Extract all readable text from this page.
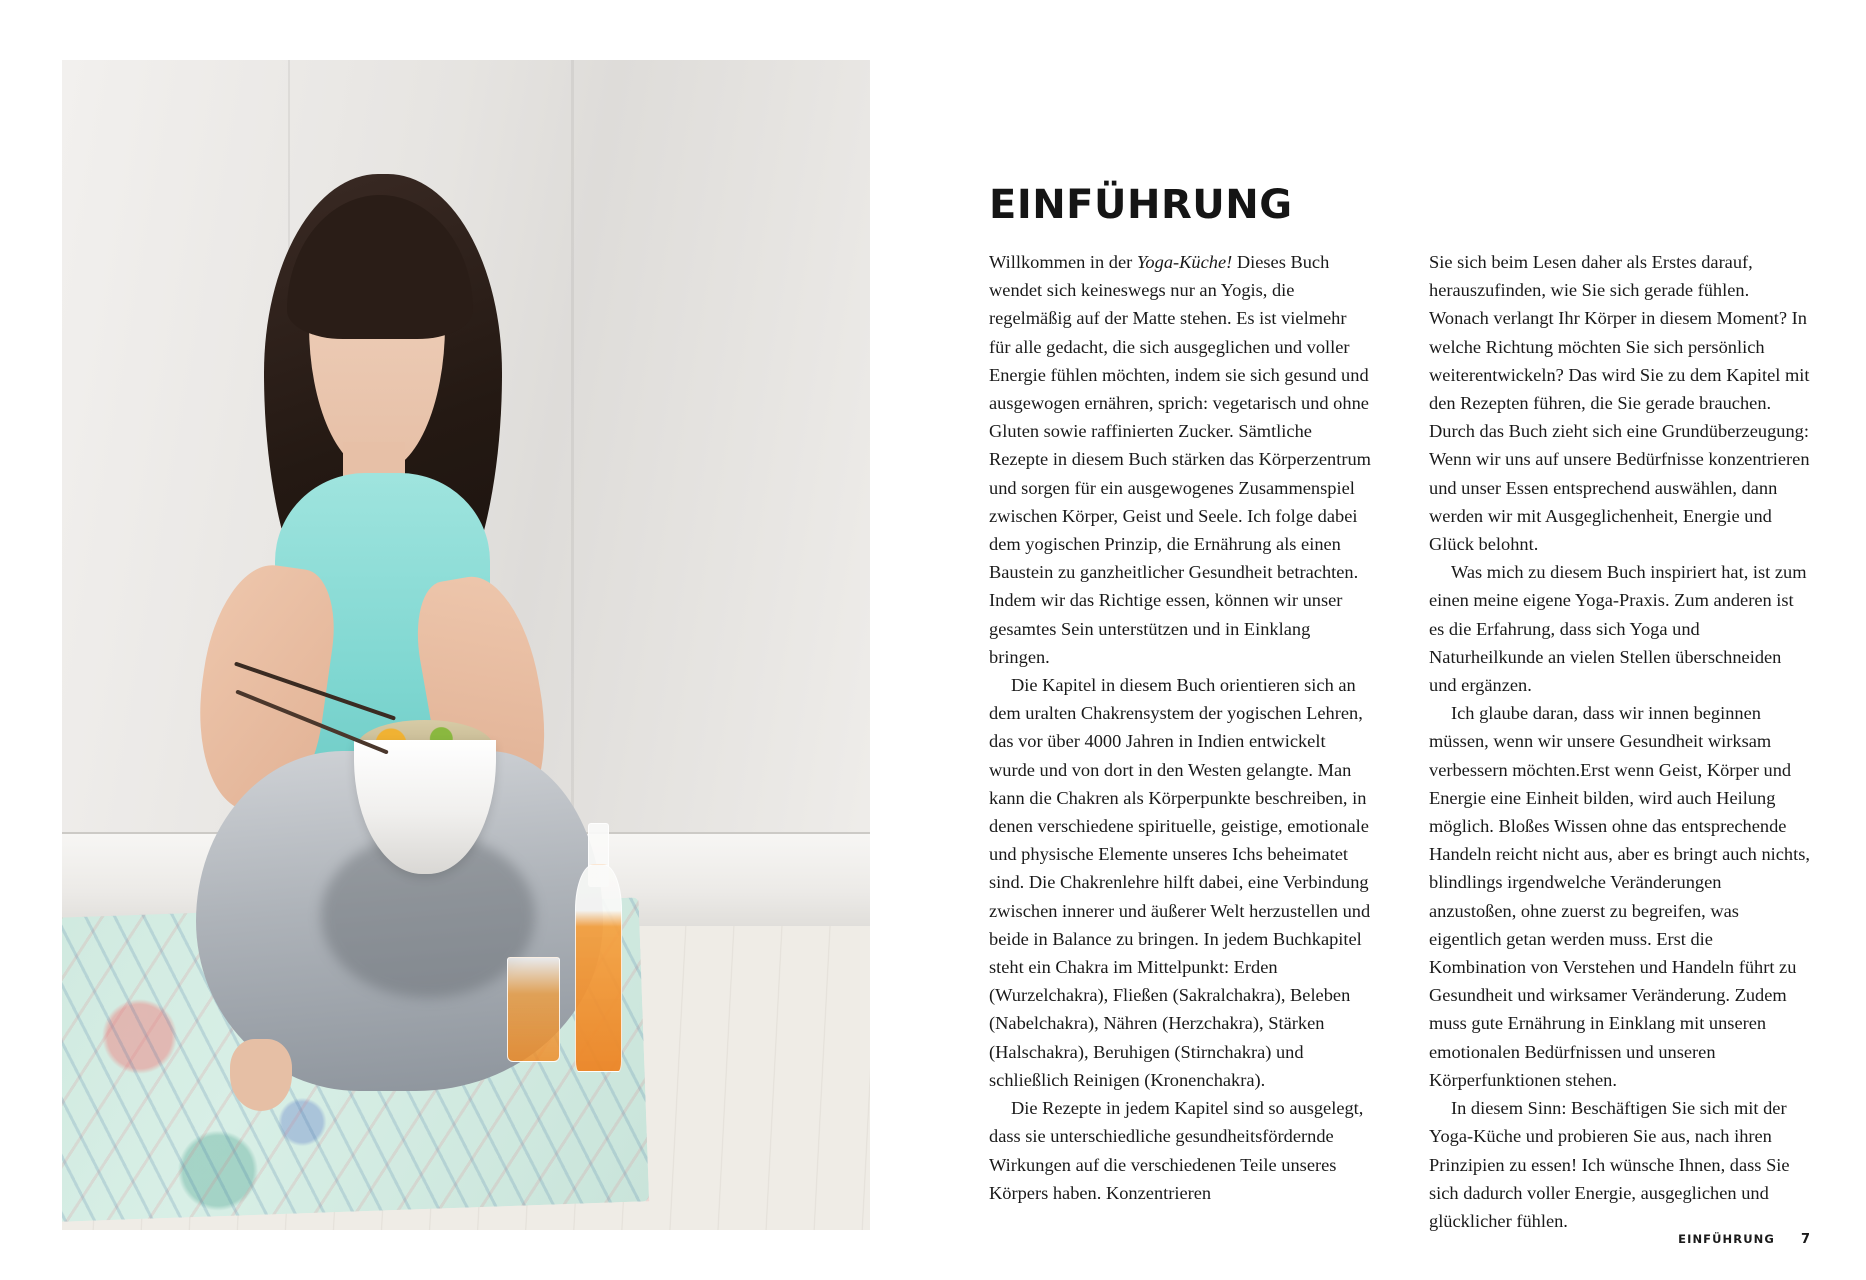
EINFÜHRUNG

Willkommen in der Yoga-Küche! Dieses Buch wendet sich keineswegs nur an Yogis, die regelmäßig auf der Matte stehen. Es ist vielmehr für alle gedacht, die sich ausgeglichen und voller Energie fühlen möchten, indem sie sich gesund und ausgewogen ernähren, sprich: vegetarisch und ohne Gluten sowie raffinierten Zucker. Sämtliche Rezepte in diesem Buch stärken das Körperzentrum und sorgen für ein ausgewogenes Zusammenspiel zwischen Körper, Geist und Seele. Ich folge dabei dem yogischen Prinzip, die Ernährung als einen Baustein zu ganzheitlicher Gesundheit betrachten. Indem wir das Richtige essen, können wir unser gesamtes Sein unterstützen und in Einklang bringen.

Die Kapitel in diesem Buch orientieren sich an dem uralten Chakrensystem der yogischen Lehren, das vor über 4000 Jahren in Indien entwickelt wurde und von dort in den Westen gelangte. Man kann die Chakren als Körperpunkte beschreiben, in denen verschiedene spirituelle, geistige, emotionale und physische Elemente unseres Ichs beheimatet sind. Die Chakrenlehre hilft dabei, eine Verbindung zwischen innerer und äußerer Welt herzustellen und beide in Balance zu bringen. In jedem Buchkapitel steht ein Chakra im Mittelpunkt: Erden (Wurzelchakra), Fließen (Sakralchakra), Beleben (Nabelchakra), Nähren (Herzchakra), Stärken (Halschakra), Beruhigen (Stirnchakra) und schließlich Reinigen (Kronenchakra).

Die Rezepte in jedem Kapitel sind so ausgelegt, dass sie unterschiedliche gesundheitsfördernde Wirkungen auf die verschiedenen Teile unseres Körpers haben. Konzentrieren

Sie sich beim Lesen daher als Erstes darauf, herauszufinden, wie Sie sich gerade fühlen. Wonach verlangt Ihr Körper in diesem Moment? In welche Richtung möchten Sie sich persönlich weiterentwickeln? Das wird Sie zu dem Kapitel mit den Rezepten führen, die Sie gerade brauchen. Durch das Buch zieht sich eine Grundüberzeugung: Wenn wir uns auf unsere Bedürfnisse konzentrieren und unser Essen entsprechend auswählen, dann werden wir mit Ausgeglichenheit, Energie und Glück belohnt.

Was mich zu diesem Buch inspiriert hat, ist zum einen meine eigene Yoga-Praxis. Zum anderen ist es die Erfahrung, dass sich Yoga und Naturheilkunde an vielen Stellen überschneiden und ergänzen.

Ich glaube daran, dass wir innen beginnen müssen, wenn wir unsere Gesundheit wirksam verbessern möchten.Erst wenn Geist, Körper und Energie eine Einheit bilden, wird auch Heilung möglich. Bloßes Wissen ohne das entsprechende Handeln reicht nicht aus, aber es bringt auch nichts, blindlings irgendwelche Veränderungen anzustoßen, ohne zuerst zu begreifen, was eigentlich getan werden muss. Erst die Kombination von Verstehen und Handeln führt zu Gesundheit und wirksamer Veränderung. Zudem muss gute Ernährung in Einklang mit unseren emotionalen Bedürfnissen und unseren Körperfunktionen stehen.

In diesem Sinn: Beschäftigen Sie sich mit der Yoga-Küche und probieren Sie aus, nach ihren Prinzipien zu essen! Ich wünsche Ihnen, dass Sie sich dadurch voller Energie, ausgeglichen und glücklicher fühlen.

EINFÜHRUNG 7
